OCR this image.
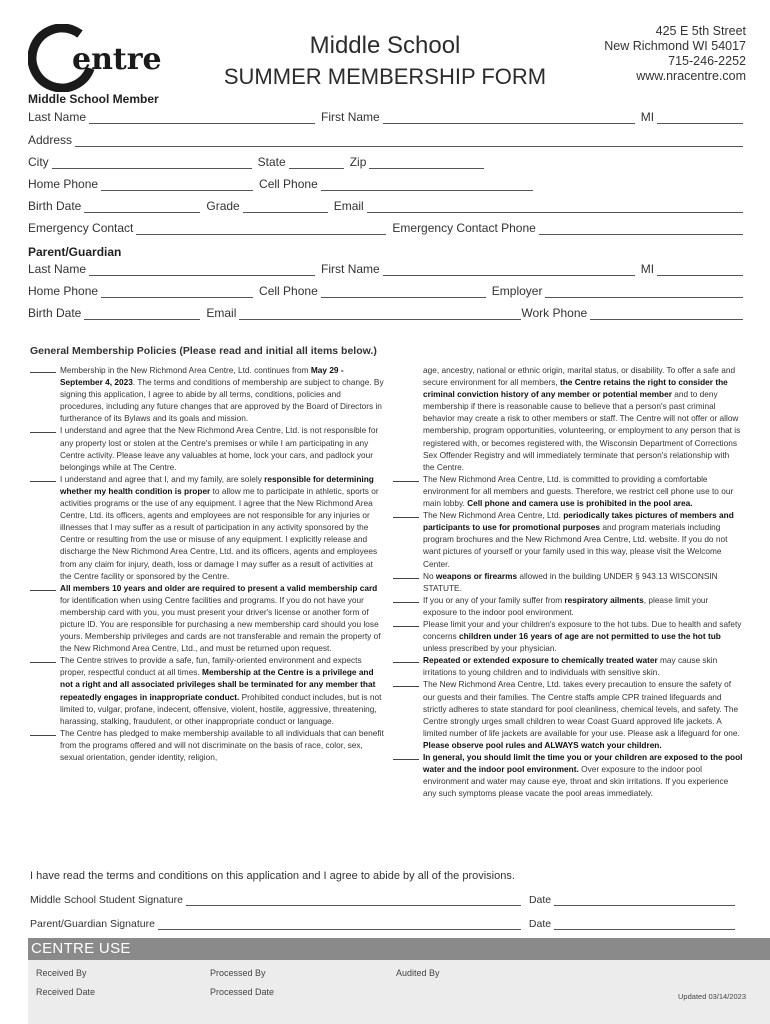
entre	Middle School
SUMMER MEMBERSHIP FORM
425 E 5th Street
New Richmond WI 54017
715-246-2252
www.nracentre.com
Middle School Member
Last Name	First Name	MI
Address
City	State	Zip
Home Phone	Cell Phone
Birth Date	Grade	Email
Emergency Contact	Emergency Contact Phone
Parent/Guardian
Last Name	First Name	MI
Home Phone	Cell Phone	Employer
Birth Date	Email	Work Phone
General Membership Policies (Please read and initial all items below.)
Membership in the New Richmond Area Centre, Ltd. continues from May 29 - September 4, 2023. The terms and conditions of membership are subject to change. By signing this application, I agree to abide by all terms, conditions, policies and procedures, including any future changes that are approved by the Board of Directors in furtherance of its Bylaws and its goals and mission.
I understand and agree that the New Richmond Area Centre, Ltd. is not responsible for any property lost or stolen at the Centre's premises or while I am participating in any Centre activity. Please leave any valuables at home, lock your cars, and padlock your belongings while at The Centre.
I understand and agree that I, and my family, are solely responsible for determining whether my health condition is proper to allow me to participate in athletic, sports or activities programs or the use of any equipment. I agree that the New Richmond Area Centre, Ltd. its officers, agents and employees are not responsible for any injuries or illnesses that I may suffer as a result of participation in any activity sponsored by the Centre or resulting from the use or misuse of any equipment. I explicitly release and discharge the New Richmond Area Centre, Ltd. and its officers, agents and employees from any claim for injury, death, loss or damage I may suffer as a result of activities at the Centre facility or sponsored by the Centre.
All members 10 years and older are required to present a valid membership card for identification when using Centre facilities and programs. If you do not have your membership card with you, you must present your driver's license or another form of picture ID. You are responsible for purchasing a new membership card should you lose yours. Membership privileges and cards are not transferable and remain the property of the New Richmond Area Centre, Ltd., and must be returned upon request.
The Centre strives to provide a safe, fun, family-oriented environment and expects proper, respectful conduct at all times. Membership at the Centre is a privilege and not a right and all associated privileges shall be terminated for any member that repeatedly engages in inappropriate conduct. Prohibited conduct includes, but is not limited to, vulgar, profane, indecent, offensive, violent, hostile, aggressive, threatening, harassing, stalking, fraudulent, or other inappropriate conduct or language.
The Centre has pledged to make membership available to all individuals that can benefit from the programs offered and will not discriminate on the basis of race, color, sex, sexual orientation, gender identity, religion,
age, ancestry, national or ethnic origin, marital status, or disability. To offer a safe and secure environment for all members, the Centre retains the right to consider the criminal conviction history of any member or potential member and to deny membership if there is reasonable cause to believe that a person's past criminal behavior may create a risk to other members or staff. The Centre will not offer or allow membership, program opportunities, volunteering, or employment to any person that is registered with, or becomes registered with, the Wisconsin Department of Corrections Sex Offender Registry and will immediately terminate that person's relationship with the Centre.
The New Richmond Area Centre, Ltd. is committed to providing a comfortable environment for all members and guests. Therefore, we restrict cell phone use to our main lobby. Cell phone and camera use is prohibited in the pool area.
The New Richmond Area Centre, Ltd. periodically takes pictures of members and participants to use for promotional purposes and program materials including program brochures and the New Richmond Area Centre, Ltd. website. If you do not want pictures of yourself or your family used in this way, please visit the Welcome Center.
No weapons or firearms allowed in the building UNDER § 943.13 WISCONSIN STATUTE.
If you or any of your family suffer from respiratory ailments, please limit your exposure to the indoor pool environment.
Please limit your and your children's exposure to the hot tubs. Due to health and safety concerns children under 16 years of age are not permitted to use the hot tub unless prescribed by your physician.
Repeated or extended exposure to chemically treated water may cause skin irritations to young children and to individuals with sensitive skin.
The New Richmond Area Centre, Ltd. takes every precaution to ensure the safety of our guests and their families. The Centre staffs ample CPR trained lifeguards and strictly adheres to state standard for pool cleanliness, chemical levels, and safety. The Centre strongly urges small children to wear Coast Guard approved life jackets. A limited number of life jackets are available for your use. Please ask a lifeguard for one. Please observe pool rules and ALWAYS watch your children.
In general, you should limit the time you or your children are exposed to the pool water and the indoor pool environment. Over exposure to the indoor pool environment and water may cause eye, throat and skin irritations. If you experience any such symptoms please vacate the pool areas immediately.
I have read the terms and conditions on this application and I agree to abide by all of the provisions.
Middle School Student Signature	Date
Parent/Guardian Signature	Date
CENTRE USE
Received By	Processed By	Audited By
Received Date	Processed Date	Updated 03/14/2023
